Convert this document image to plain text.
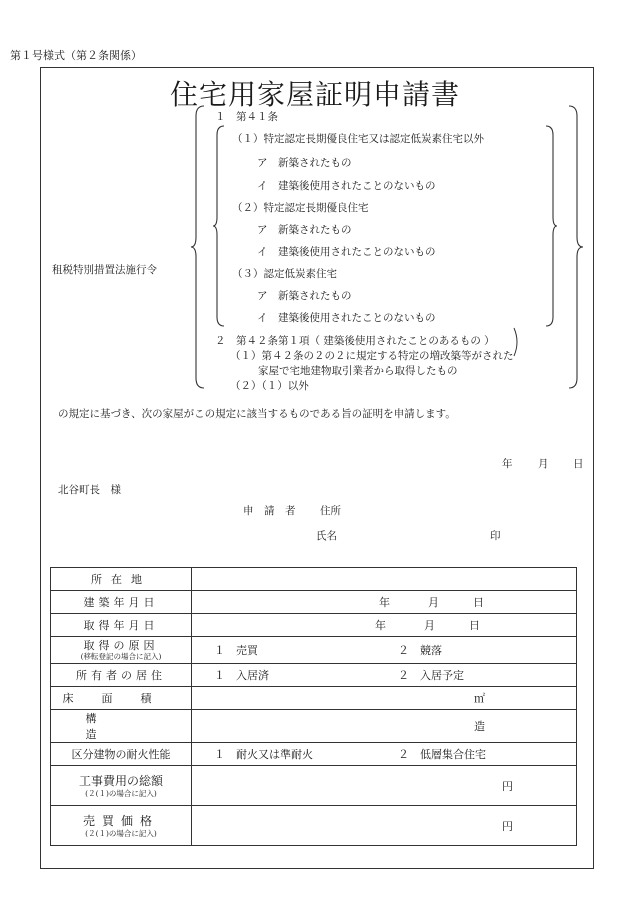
第１号様式（第２条関係）
住宅用家屋証明申請書
租税特別措置法施行令
１　第４１条
（１）特定認定長期優良住宅又は認定低炭素住宅以外
ア　新築されたもの
イ　建築後使用されたことのないもの
（２）特定認定長期優良住宅
ア　新築されたもの
イ　建築後使用されたことのないもの
（３）認定低炭素住宅
ア　新築されたもの
イ　建築後使用されたことのないもの
２　第４２条第１項（ 建築後使用されたことのあるもの ）
（１）第４２条の２の２に規定する特定の増改築等がされた
家屋で宅地建物取引業者から取得したもの
（２）（１）以外
の規定に基づき、次の家屋がこの規定に該当するものである旨の証明を申請します。
年 月 日
北谷町長　様
申　請　者 住所
氏名	印
所在地	
建築年月日	年 月 日

取得年月日	年 月 日

取得の原因
(移転登記の場合に記入)	１　売買 ２　競落

所有者の居住	１　入居済 ２　入居予定

床面積	㎡

構造	造

区分建物の耐火性能	１　耐火又は準耐火 ２　低層集合住宅

工事費用の総額
(２(１)の場合に記入)	円

売買価格
(２(１)の場合に記入)	円
